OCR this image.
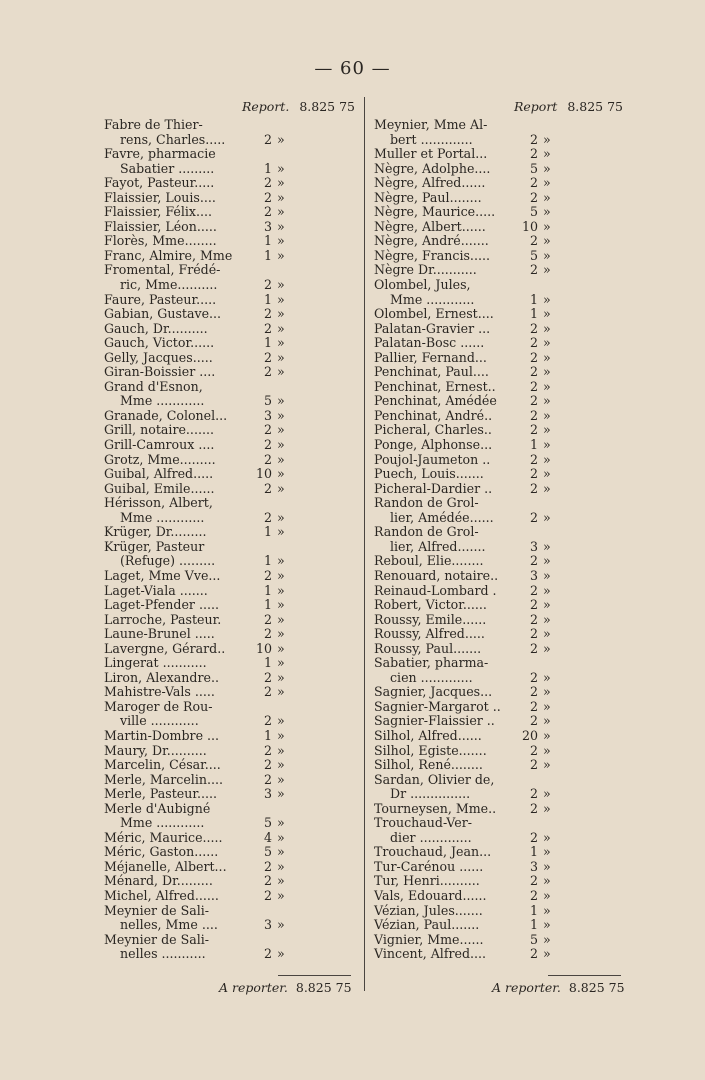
— 60 —
Report. 8.825 75	Report 8.825 75
Fabre de Thier-
rens, Charles.....	2 »
Favre, pharmacie
Sabatier .........	1 »
Fayot, Pasteur.....	2 »
Flaissier, Louis....	2 »
Flaissier, Félix....	2 »
Flaissier, Léon.....	3 »
Florès, Mme........	1 »
Franc, Almire, Mme	1 »
Fromental, Frédé-
ric, Mme..........	2 »
Faure, Pasteur.....	1 »
Gabian, Gustave...	2 »
Gauch, Dr..........	2 »
Gauch, Victor......	1 »
Gelly, Jacques.....	2 »
Giran-Boissier ....	2 »
Grand d'Esnon,
Mme ............	5 »
Granade, Colonel...	3 »
Grill, notaire.......	2 »
Grill-Camroux ....	2 »
Grotz, Mme.........	2 »
Guibal, Alfred.....	10 »
Guibal, Emile......	2 »
Hérisson, Albert,
Mme ............	2 »
Krüger, Dr.........	1 »
Krüger, Pasteur
(Refuge) .........	1 »
Laget, Mme Vve...	2 »
Laget-Viala .......	1 »
Laget-Pfender .....	1 »
Larroche, Pasteur.	2 »
Laune-Brunel .....	2 »
Lavergne, Gérard.. 10 »
Lingerat ...........	1 »
Liron, Alexandre..	2 »
Mahistre-Vals .....	2 »
Maroger de Rou-
ville ............	2 »
Martin-Dombre ...	1 »
Maury, Dr..........	2 »
Marcelin, César....	2 »
Merle, Marcelin....	2 »
Merle, Pasteur.....	3 »
Merle d'Aubigné
Mme ............	5 »
Méric, Maurice.....	4 »
Méric, Gaston......	5 »
Méjanelle, Albert...	2 »
Ménard, Dr.........	2 »
Michel, Alfred......	2 »
Meynier de Sali-
nelles, Mme ....	3 »
Meynier de Sali-
nelles ...........	2 »
Meynier, Mme Al-
bert .............	2 »
Muller et Portal...	2 »
Nègre, Adolphe....	5 »
Nègre, Alfred......	2 »
Nègre, Paul........	2 »
Nègre, Maurice.....	5 »
Nègre, Albert......	10 »
Nègre, André.......	2 »
Nègre, Francis.....	5 »
Nègre Dr...........	2 »
Olombel, Jules,
Mme ............	1 »
Olombel, Ernest....	1 »
Palatan-Gravier ...	2 »
Palatan-Bosc ......	2 »
Pallier, Fernand...	2 »
Penchinat, Paul....	2 »
Penchinat, Ernest..	2 »
Penchinat, Amédée	2 »
Penchinat, André..	2 »
Picheral, Charles..	2 »
Ponge, Alphonse...	1 »
Poujol-Jaumeton ..	2 »
Puech, Louis.......	2 »
Picheral-Dardier ..	2 »
Randon de Grol-
lier, Amédée......	2 »
Randon de Grol-
lier, Alfred.......	3 »
Reboul, Elie........	2 »
Renouard, notaire..	3 »
Reinaud-Lombard .	2 »
Robert, Victor......	2 »
Roussy, Emile......	2 »
Roussy, Alfred.....	2 »
Roussy, Paul.......	2 »
Sabatier, pharma-
cien .............	2 »
Sagnier, Jacques...	2 »
Sagnier-Margarot .. 2 »
Sagnier-Flaissier ..	2 »
Silhol, Alfred......	20 »
Silhol, Egiste.......	2 »
Silhol, René........	2 »
Sardan, Olivier de,
Dr ...............	2 »
Tourneysen, Mme..	2 »
Trouchaud-Ver-
dier .............	2 »
Trouchaud, Jean...	1 »
Tur-Carénou ......	3 »
Tur, Henri..........	2 »
Vals, Edouard......	2 »
Vézian, Jules.......	1 »
Vézian, Paul.......	1 »
Vignier, Mme......	5 »
Vincent, Alfred....	2 »
A reporter. 8.825 75	A reporter. 8.825 75
